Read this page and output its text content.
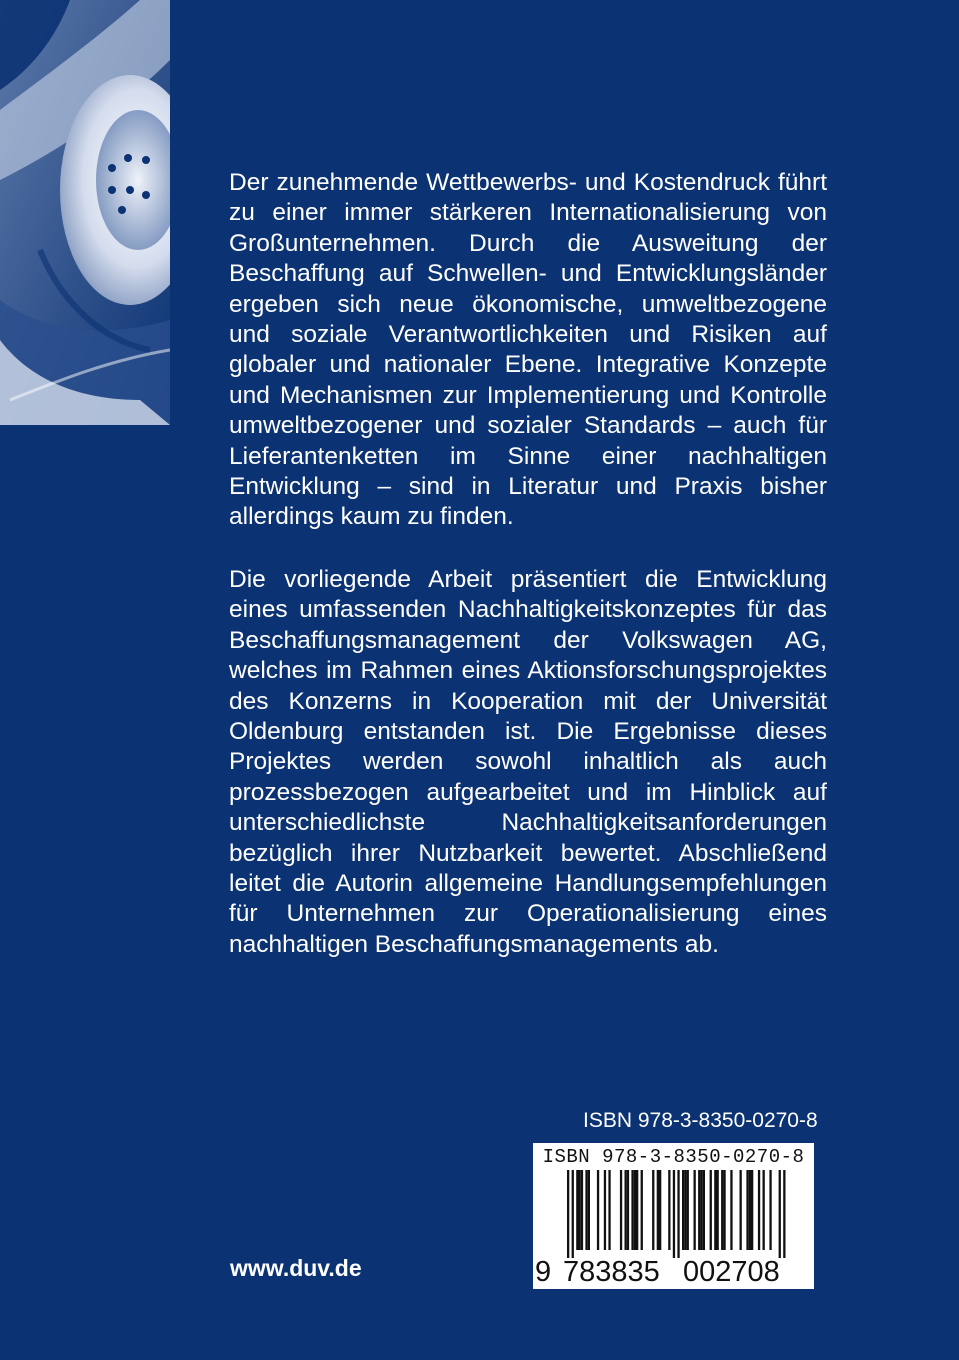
Der zunehmende Wettbewerbs- und Kostendruck führt zu einer immer stärkeren Internationalisierung von Großunternehmen. Durch die Ausweitung der Beschaffung auf Schwellen- und Entwicklungsländer ergeben sich neue ökonomische, umweltbezogene und soziale Verantwortlichkeiten und Risiken auf globaler und nationaler Ebene. Integrative Konzepte und Mechanismen zur Implementierung und Kontrolle umweltbezogener und sozialer Standards – auch für Lieferantenketten im Sinne einer nachhaltigen Entwicklung – sind in Literatur und Praxis bisher allerdings kaum zu finden.

Die vorliegende Arbeit präsentiert die Entwicklung eines umfassenden Nachhaltigkeitskonzeptes für das Beschaffungsmanagement der Volkswagen AG, welches im Rahmen eines Aktionsforschungsprojektes des Konzerns in Kooperation mit der Universität Oldenburg entstanden ist. Die Ergebnisse dieses Projektes werden sowohl inhaltlich als auch prozessbezogen aufgearbeitet und im Hinblick auf unterschiedlichste Nachhaltigkeitsanforderungen bezüglich ihrer Nutzbarkeit bewertet. Abschließend leitet die Autorin allgemeine Handlungsempfehlungen für Unternehmen zur Operationalisierung eines nachhaltigen Beschaffungsmanagements ab.

ISBN 978-3-8350-0270-8
ISBN 978-3-8350-0270-8
9 783835 002708
www.duv.de
